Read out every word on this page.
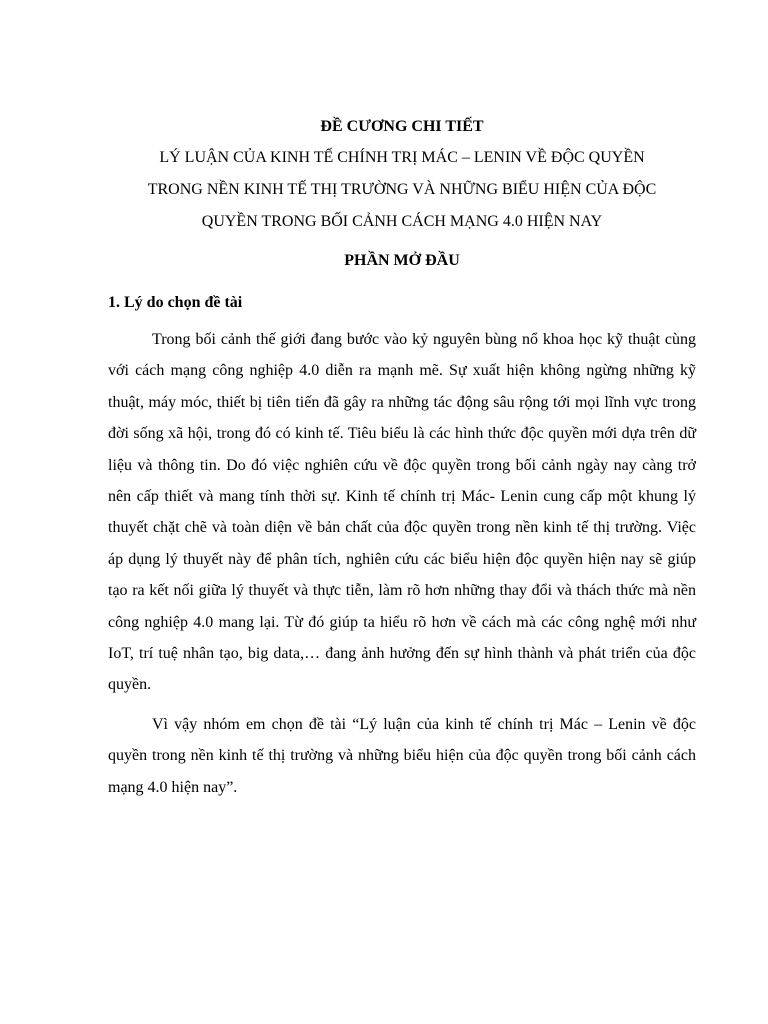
ĐỀ CƯƠNG CHI TIẾT

LÝ LUẬN CỦA KINH TẾ CHÍNH TRỊ MÁC – LENIN VỀ ĐỘC QUYỀN

TRONG NỀN KINH TẾ THỊ TRƯỜNG VÀ NHỮNG BIỂU HIỆN CỦA ĐỘC

QUYỀN TRONG BỐI CẢNH CÁCH MẠNG 4.0 HIỆN NAY

PHẦN MỞ ĐẦU
1. Lý do chọn đề tài

Trong bối cảnh thế giới đang bước vào kỷ nguyên bùng nổ khoa học kỹ thuật cùng với cách mạng công nghiệp 4.0 diễn ra mạnh mẽ. Sự xuất hiện không ngừng những kỹ thuật, máy móc, thiết bị tiên tiến đã gây ra những tác động sâu rộng tới mọi lĩnh vực trong đời sống xã hội, trong đó có kinh tế. Tiêu biểu là các hình thức độc quyền mới dựa trên dữ liệu và thông tin. Do đó việc nghiên cứu về độc quyền trong bối cảnh ngày nay càng trở nên cấp thiết và mang tính thời sự. Kinh tế chính trị Mác- Lenin cung cấp một khung lý thuyết chặt chẽ và toàn diện về bản chất của độc quyền trong nền kinh tế thị trường. Việc áp dụng lý thuyết này để phân tích, nghiên cứu các biểu hiện độc quyền hiện nay sẽ giúp tạo ra kết nối giữa lý thuyết và thực tiễn, làm rõ hơn những thay đổi và thách thức mà nền công nghiệp 4.0 mang lại. Từ đó giúp ta hiểu rõ hơn về cách mà các công nghệ mới như IoT, trí tuệ nhân tạo, big data,… đang ảnh hưởng đến sự hình thành và phát triển của độc quyền.

Vì vậy nhóm em chọn đề tài “Lý luận của kinh tế chính trị Mác – Lenin về độc quyền trong nền kinh tế thị trường và những biểu hiện của độc quyền trong bối cảnh cách mạng 4.0 hiện nay”.
